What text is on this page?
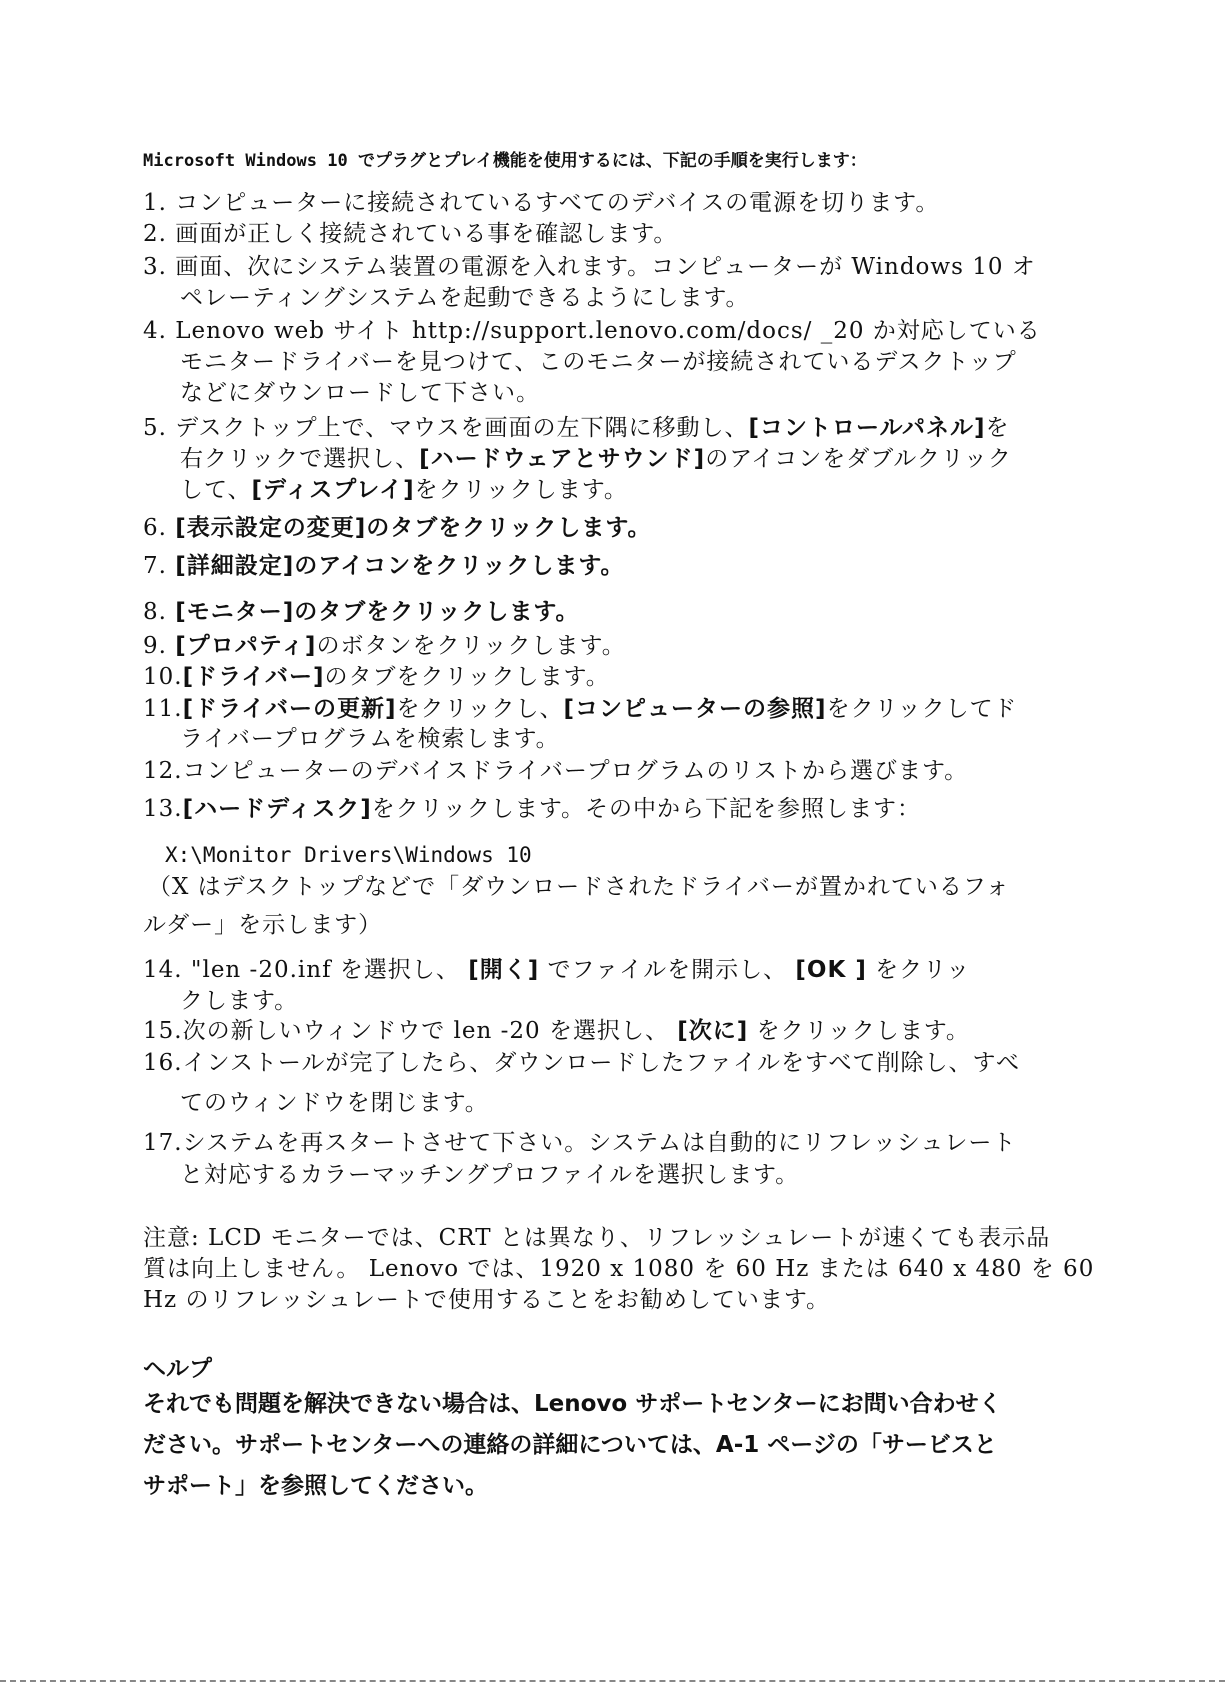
Microsoft Windows 10 でプラグとプレイ機能を使用するには、下記の手順を実行します：
1. コンピューターに接続されているすべてのデバイスの電源を切ります。
2. 画面が正しく接続されている事を確認します。
3. 画面、次にシステム装置の電源を入れます。コンピューターが Windows 10 オ
ペレーティングシステムを起動できるようにします。
4. Lenovo web サイト http://support.lenovo.com/docs/ _20 か対応している
モニタードライバーを見つけて、このモニターが接続されているデスクトップ
などにダウンロードして下さい。
5. デスクトップ上で、マウスを画面の左下隅に移動し、[コントロールパネル]を
右クリックで選択し、[ハードウェアとサウンド]のアイコンをダブルクリック
して、[ディスプレイ]をクリックします。
6. [表示設定の変更]のタブをクリックします。
7. [詳細設定]のアイコンをクリックします。
8. [モニター]のタブをクリックします。
9. [プロパティ]のボタンをクリックします。
10.[ドライバー]のタブをクリックします。
11.[ドライバーの更新]をクリックし、[コンピューターの参照]をクリックしてド
ライバープログラムを検索します。
12.コンピューターのデバイスドライバープログラムのリストから選びます。
13.[ハードディスク]をクリックします。その中から下記を参照します：
X:\Monitor Drivers\Windows 10
（X はデスクトップなどで「ダウンロードされたドライバーが置かれているフォ
ルダー」を示します）
14. "len -20.inf を選択し、 [開く] でファイルを開示し、 [OK ] をクリッ
クします。
15.次の新しいウィンドウで len -20 を選択し、 [次に] をクリックします。
16.インストールが完了したら、ダウンロードしたファイルをすべて削除し、すべ
てのウィンドウを閉じます。
17.システムを再スタートさせて下さい。システムは自動的にリフレッシュレート
と対応するカラーマッチングプロファイルを選択します。
注意: LCD モニターでは、CRT とは異なり、リフレッシュレートが速くても表示品
質は向上しません。 Lenovo では、1920 x 1080 を 60 Hz または 640 x 480 を 60
Hz のリフレッシュレートで使用することをお勧めしています。
ヘルプ
それでも問題を解決できない場合は、Lenovo サポートセンターにお問い合わせく
ださい。サポートセンターへの連絡の詳細については、A-1 ページの「サービスと
サポート」を参照してください。
